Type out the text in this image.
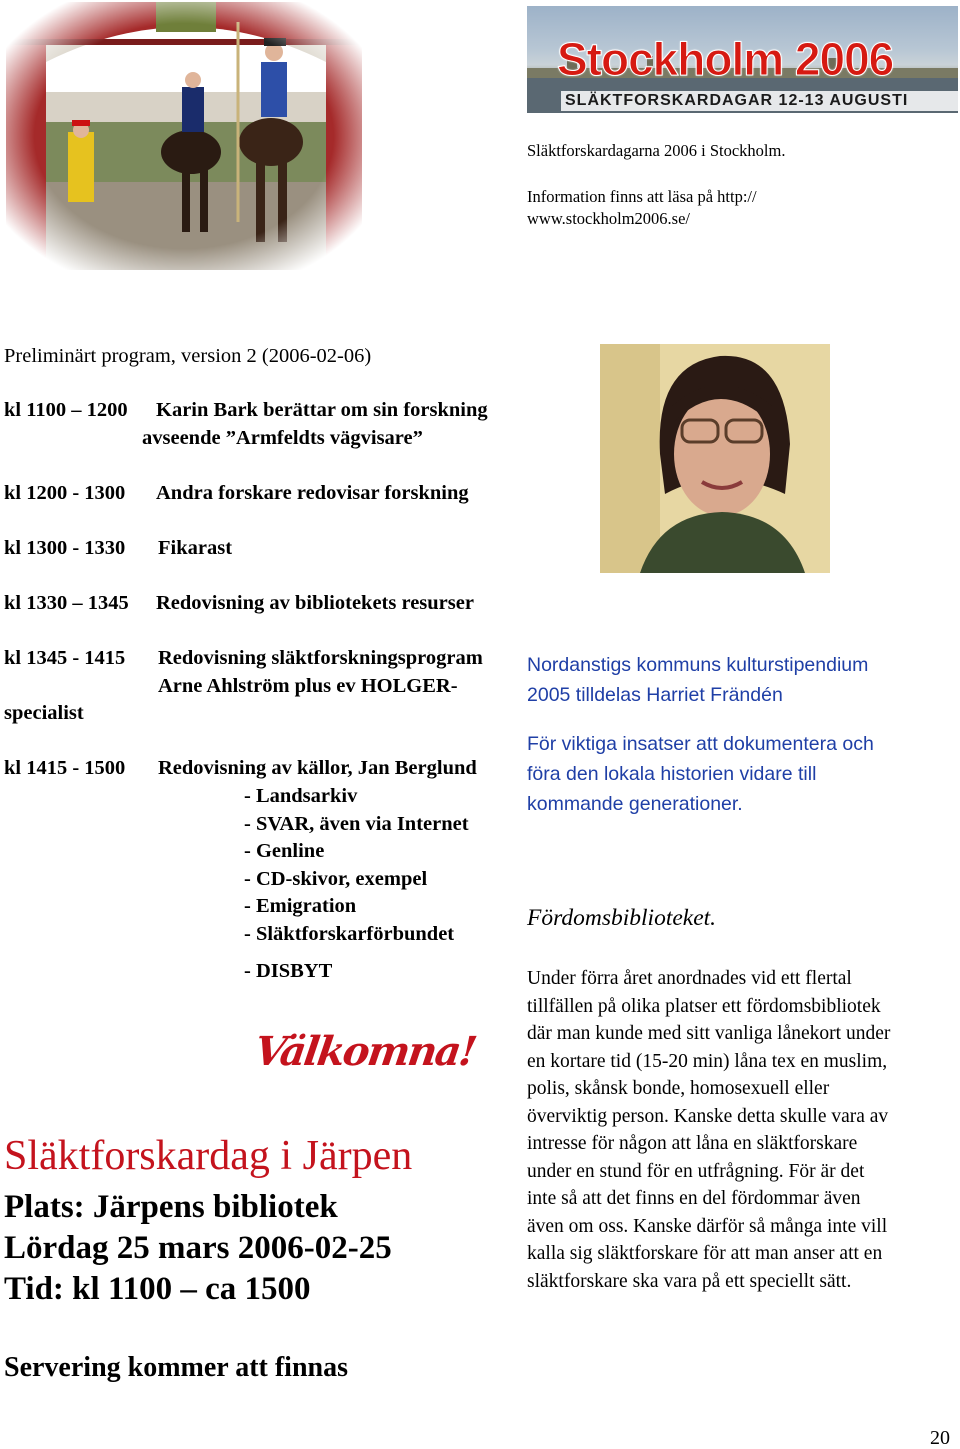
Stockholm 2006
SLÄKTFORSKARDAGAR 12-13 AUGUSTI
Släktforskardagarna 2006 i Stockholm.
Information finns att läsa på http://
www.stockholm2006.se/
Preliminärt program, version 2 (2006-02-06)
kl 1100 – 1200 Karin Bark berättar om sin forskning
avseende ”Armfeldts vägvisare”
kl 1200 - 1300 Andra forskare redovisar forskning
kl 1300 - 1330 Fikarast
kl 1330 – 1345 Redovisning av bibliotekets resurser
kl 1345 - 1415 Redovisning släktforskningsprogram
Arne Ahlström plus ev HOLGER-
specialist
kl 1415 - 1500 Redovisning av källor, Jan Berglund
- Landsarkiv
- SVAR, även via Internet
- Genline
- CD-skivor, exempel
- Emigration
- Släktforskarförbundet
- DISBYT
Nordanstigs kommuns kulturstipendium
2005 tilldelas Harriet Frändén
För viktiga insatser att dokumentera och
föra den lokala historien vidare till
kommande generationer.
Välkomna!
Släktforskardag i Järpen
Plats: Järpens bibliotek
Lördag 25 mars 2006-02-25
Tid: kl 1100 – ca 1500
Servering kommer att finnas
Fördomsbiblioteket.
Under förra året anordnades vid ett flertal
tillfällen på olika platser ett fördomsbibliotek
där man kunde med sitt vanliga lånekort under
en kortare tid (15-20 min) låna tex en muslim,
polis, skånsk bonde, homosexuell eller
överviktig person. Kanske detta skulle vara av
intresse för någon att låna en släktforskare
under en stund för en utfrågning. För är det
inte så att det finns en del fördommar även
även om oss. Kanske därför så många inte vill
kalla sig släktforskare för att man anser att en
släktforskare ska vara på ett speciellt sätt.
20
